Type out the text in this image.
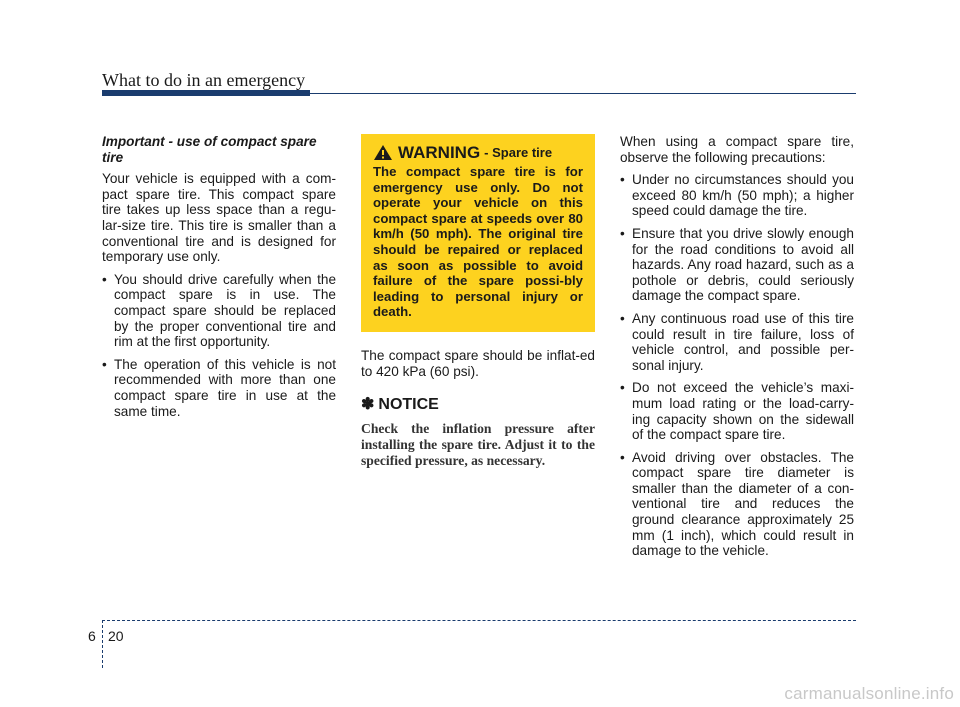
What to do in an emergency
Important - use of compact spare tire

Your vehicle is equipped with a com-pact spare tire. This compact spare tire takes up less space than a regu-lar-size tire. This tire is smaller than a conventional tire and is designed for temporary use only.

• You should drive carefully when the compact spare is in use. The compact spare should be replaced by the proper conventional tire and rim at the first opportunity.
• The operation of this vehicle is not recommended with more than one compact spare tire in use at the same time.
WARNING - Spare tire
The compact spare tire is for emergency use only. Do not operate your vehicle on this compact spare at speeds over 80 km/h (50 mph). The original tire should be repaired or replaced as soon as possible to avoid failure of the spare possi-bly leading to personal injury or death.

The compact spare should be inflat-ed to 420 kPa (60 psi).

✽ NOTICE
Check the inflation pressure after installing the spare tire. Adjust it to the specified pressure, as necessary.

When using a compact spare tire, observe the following precautions:

• Under no circumstances should you exceed 80 km/h (50 mph); a higher speed could damage the tire.
• Ensure that you drive slowly enough for the road conditions to avoid all hazards. Any road hazard, such as a pothole or debris, could seriously damage the compact spare.
• Any continuous road use of this tire could result in tire failure, loss of vehicle control, and possible per-sonal injury.
• Do not exceed the vehicle’s maxi-mum load rating or the load-carry-ing capacity shown on the sidewall of the compact spare tire.
• Avoid driving over obstacles. The compact spare tire diameter is smaller than the diameter of a con-ventional tire and reduces the ground clearance approximately 25 mm (1 inch), which could result in damage to the vehicle.
6 20
carmanualsonline.info
